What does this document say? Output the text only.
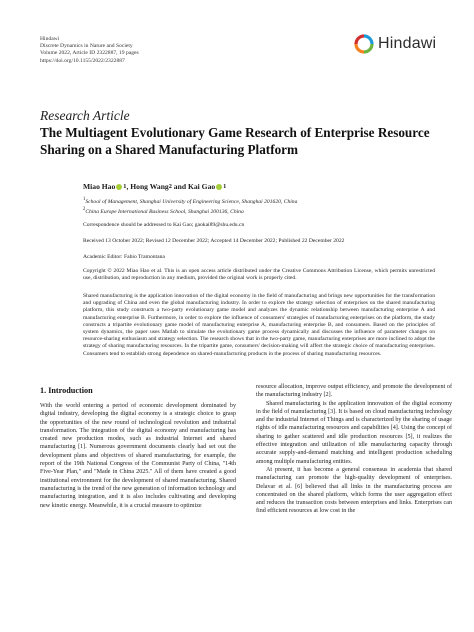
Hindawi
Discrete Dynamics in Nature and Society
Volume 2022, Article ID 2322887, 19 pages
https://doi.org/10.1155/2022/2322887
Hindawi
Research Article
The Multiagent Evolutionary Game Research of Enterprise Resource Sharing on a Shared Manufacturing Platform
Miao Hao 1 , Hong Wang 2 and Kai Gao 1
$^1$School of Management, Shanghai University of Engineering Science, Shanghai 201620, China
$^2$China Europe International Business School, Shanghai 200136, China
Correspondence should be addressed to Kai Gao; gaokai89@shu.edu.cn
Received 13 October 2022; Revised 12 December 2022; Accepted 14 December 2022; Published 22 December 2022
Academic Editor: Fabio Tramontana
Copyright © 2022 Miao Hao et al. This is an open access article distributed under the Creative Commons Attribution License, which permits unrestricted use, distribution, and reproduction in any medium, provided the original work is properly cited.
Shared manufacturing is the application innovation of the digital economy in the field of manufacturing and brings new opportunities for the transformation and upgrading of China and even the global manufacturing industry. In order to explore the strategy selection of enterprises on the shared manufacturing platform, this study constructs a two-party evolutionary game model and analyzes the dynamic relationship between manufacturing enterprise A and manufacturing enterprise B. Furthermore, in order to explore the influence of consumers' strategies of manufacturing enterprises on the platform, the study constructs a tripartite evolutionary game model of manufacturing enterprise A, manufacturing enterprise B, and consumers. Based on the principles of system dynamics, the paper uses Matlab to simulate the evolutionary game process dynamically and discusses the influence of parameter changes on resource-sharing enthusiasm and strategy selection. The research shows that in the two-party game, manufacturing enterprises are more inclined to adopt the strategy of sharing manufacturing resources. In the tripartite game, consumers' decision-making will affect the strategic choice of manufacturing enterprises. Consumers tend to establish strong dependence on shared-manufacturing products in the process of sharing manufacturing resources.
1. Introduction

With the world entering a period of economic development dominated by digital industry, developing the digital economy is a strategic choice to grasp the opportunities of the new round of technological revolution and industrial transformation. The integration of the digital economy and manufacturing has created new production modes, such as industrial Internet and shared manufacturing [1]. Numerous government documents clearly had set out the development plans and objectives of shared manufacturing, for example, the report of the 19th National Congress of the Communist Party of China, "14th Five-Year Plan," and "Made in China 2025." All of them have created a good institutional environment for the development of shared manufacturing. Shared manufacturing is the trend of the new generation of information technology and manufacturing integration, and it is also includes cultivating and developing new kinetic energy. Meanwhile, it is a crucial measure to optimize

resource allocation, improve output efficiency, and promote the development of the manufacturing industry [2].

Shared manufacturing is the application innovation of the digital economy in the field of manufacturing [3]. It is based on cloud manufacturing technology and the industrial Internet of Things and is characterized by the sharing of usage rights of idle manufacturing resources and capabilities [4]. Using the concept of sharing to gather scattered and idle production resources [5], it realizes the effective integration and utilization of idle manufacturing capacity through accurate supply-and-demand matching and intelligent production scheduling among multiple manufacturing entities.

At present, it has become a general consensus in academia that shared manufacturing can promote the high-quality development of enterprises. Delavar et al. [6] believed that all links in the manufacturing process are concentrated on the shared platform, which forms the user aggregation effect and reduces the transaction costs between enterprises and links. Enterprises can find efficient resources at low cost in the
